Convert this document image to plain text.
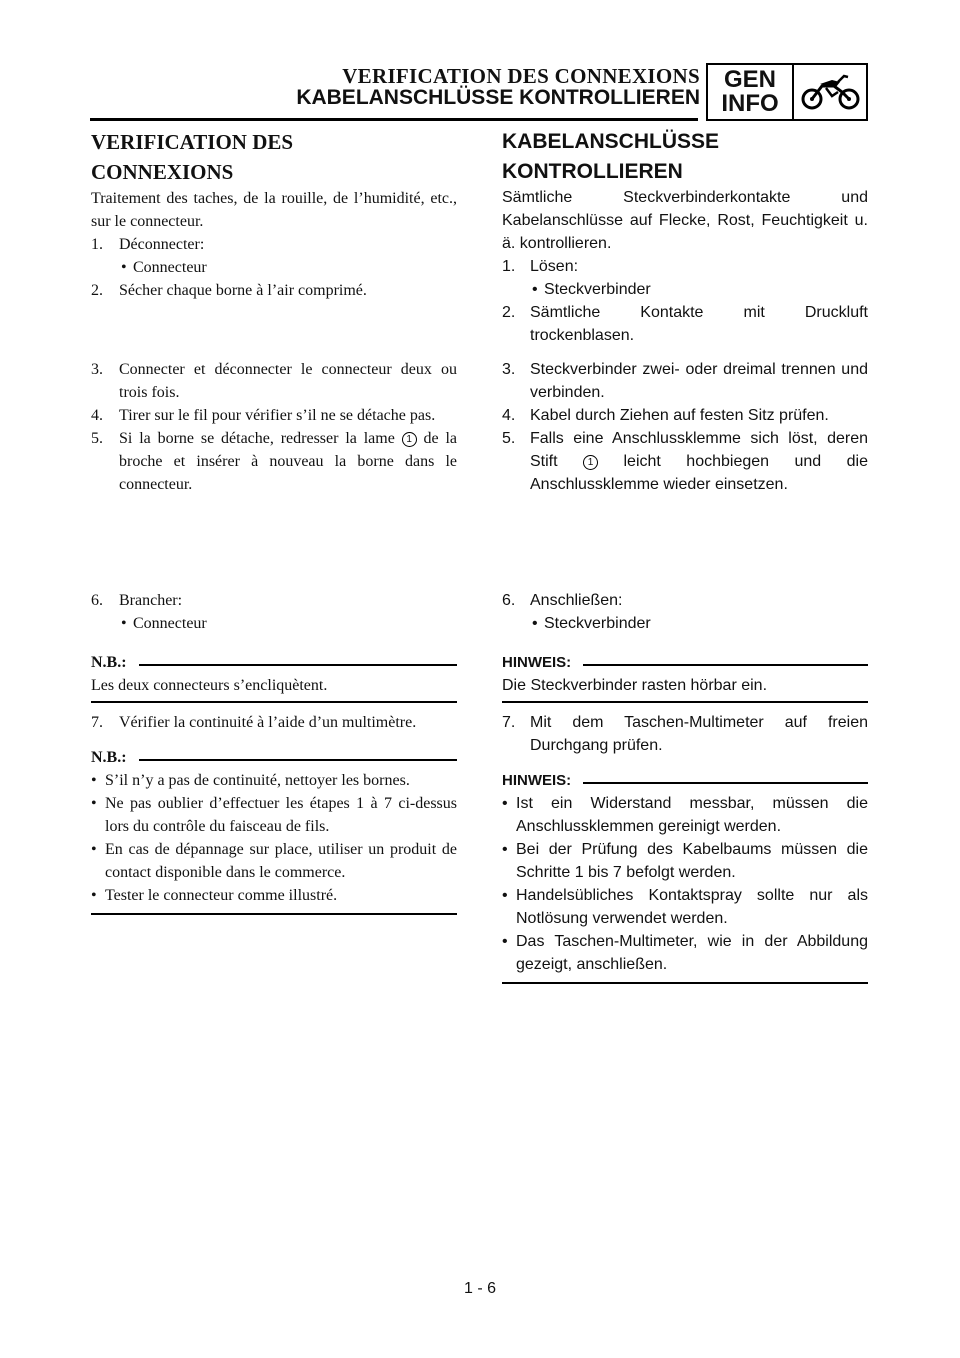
VERIFICATION DES CONNEXIONS
KABELANSCHLÜSSE KONTROLLIEREN
GEN
INFO
VERIFICATION DES
CONNEXIONS
Traitement des taches, de la rouille, de l’humidité, etc., sur le connecteur.
1. Déconnecter:
• Connecteur
2. Sécher chaque borne à l’air comprimé.
3. Connecter et déconnecter le connecteur deux ou trois fois.
4. Tirer sur le fil pour vérifier s’il ne se détache pas.
5. Si la borne se détache, redresser la lame 1 de la broche et insérer à nouveau la borne dans le connecteur.
6. Brancher:
• Connecteur
N.B.:
Les deux connecteurs s’encliquètent.
7. Vérifier la continuité à l’aide d’un multimètre.
N.B.:
• S’il n’y a pas de continuité, nettoyer les bornes.
• Ne pas oublier d’effectuer les étapes 1 à 7 ci-dessus lors du contrôle du faisceau de fils.
• En cas de dépannage sur place, utiliser un produit de contact disponible dans le commerce.
• Tester le connecteur comme illustré.
KABELANSCHLÜSSE
KONTROLLIEREN
Sämtliche Steckverbinderkontakte und Kabelanschlüsse auf Flecke, Rost, Feuchtigkeit u. ä. kontrollieren.
1. Lösen:
• Steckverbinder
2. Sämtliche Kontakte mit Druckluft trockenblasen.
3. Steckverbinder zwei- oder dreimal trennen und verbinden.
4. Kabel durch Ziehen auf festen Sitz prüfen.
5. Falls eine Anschlussklemme sich löst, deren Stift	1 leicht hochbiegen und die Anschlussklemme wieder einsetzen.
6. Anschließen:
• Steckverbinder
HINWEIS:
Die Steckverbinder rasten hörbar ein.
7. Mit dem Taschen-Multimeter auf freien Durchgang prüfen.
HINWEIS:
• Ist ein Widerstand messbar, müssen die Anschlussklemmen gereinigt werden.
• Bei der Prüfung des Kabelbaums müssen die Schritte 1 bis 7 befolgt werden.
• Handelsübliches Kontaktspray sollte nur als Notlösung verwendet werden.
• Das Taschen-Multimeter, wie in der Abbildung gezeigt, anschließen.
1 - 6
